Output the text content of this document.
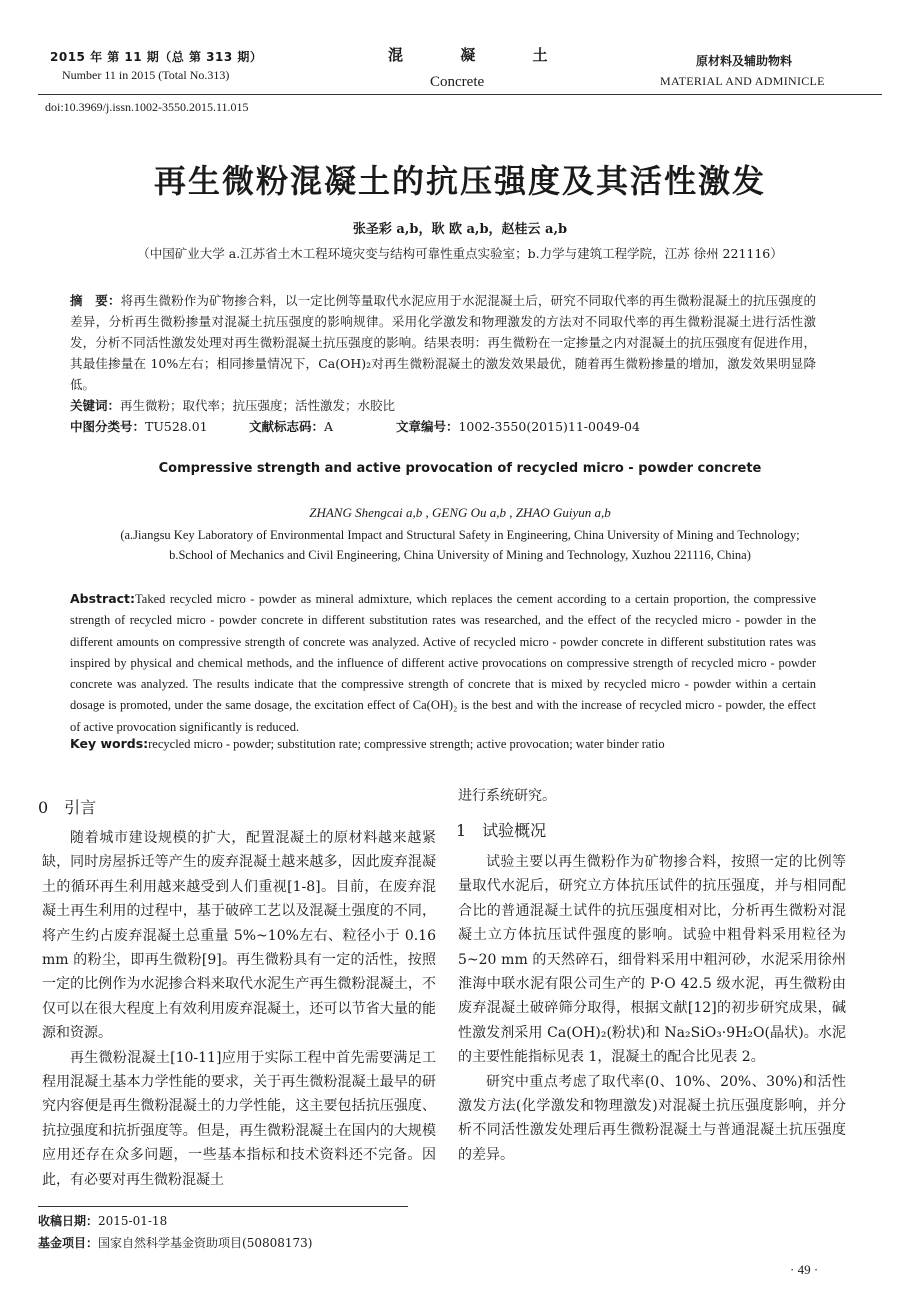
2015 年 第 11 期（总 第 313 期）
Number 11 in 2015 (Total No.313)
混 凝 土
Concrete
原材料及辅助物料
MATERIAL AND ADMINICLE
doi:10.3969/j.issn.1002-3550.2015.11.015
再生微粉混凝土的抗压强度及其活性激发
张圣彩 a,b，耿 欧 a,b，赵桂云 a,b
（中国矿业大学 a.江苏省土木工程环境灾变与结构可靠性重点实验室；b.力学与建筑工程学院，江苏 徐州 221116）
摘　要：将再生微粉作为矿物掺合料，以一定比例等量取代水泥应用于水泥混凝土后，研究不同取代率的再生微粉混凝土的抗压强度的差异，分析再生微粉掺量对混凝土抗压强度的影响规律。采用化学激发和物理激发的方法对不同取代率的再生微粉混凝土进行活性激发，分析不同活性激发处理对再生微粉混凝土抗压强度的影响。结果表明：再生微粉在一定掺量之内对混凝土的抗压强度有促进作用，其最佳掺量在 10%左右；相同掺量情况下，Ca(OH)₂对再生微粉混凝土的激发效果最优，随着再生微粉掺量的增加，激发效果明显降低。
关键词：再生微粉；取代率；抗压强度；活性激发；水胶比
中图分类号：TU528.01	文献标志码：A	文章编号：1002-3550(2015)11-0049-04
Compressive strength and active provocation of recycled micro - powder concrete
ZHANG Shengcai a,b , GENG Ou a,b , ZHAO Guiyun a,b
(a.Jiangsu Key Laboratory of Environmental Impact and Structural Safety in Engineering, China University of Mining and Technology;
b.School of Mechanics and Civil Engineering, China University of Mining and Technology, Xuzhou 221116, China)
Abstract:Taked recycled micro - powder as mineral admixture, which replaces the cement according to a certain proportion, the compressive strength of recycled micro - powder concrete in different substitution rates was researched, and the effect of the recycled micro - powder in the different amounts on compressive strength of concrete was analyzed. Active of recycled micro - powder concrete in different substitution rates was inspired by physical and chemical methods, and the influence of different active provocations on compressive strength of recycled micro - powder concrete was analyzed. The results indicate that the compressive strength of concrete that is mixed by recycled micro - powder within a certain dosage is promoted, under the same dosage, the excitation effect of Ca(OH)₂ is the best and with the increase of recycled micro - powder, the effect of active provocation significantly is reduced.
Key words:recycled micro - powder; substitution rate; compressive strength; active provocation; water binder ratio
0　引言

随着城市建设规模的扩大，配置混凝土的原材料越来越紧缺，同时房屋拆迁等产生的废弃混凝土越来越多，因此废弃混凝土的循环再生利用越来越受到人们重视[1-8]。目前，在废弃混凝土再生利用的过程中，基于破碎工艺以及混凝土强度的不同，将产生约占废弃混凝土总重量 5%~10%左右、粒径小于 0.16 mm 的粉尘，即再生微粉[9]。再生微粉具有一定的活性，按照一定的比例作为水泥掺合料来取代水泥生产再生微粉混凝土，不仅可以在很大程度上有效利用废弃混凝土，还可以节省大量的能源和资源。

再生微粉混凝土[10-11]应用于实际工程中首先需要满足工程用混凝土基本力学性能的要求，关于再生微粉混凝土最早的研究内容便是再生微粉混凝土的力学性能，这主要包括抗压强度、抗拉强度和抗折强度等。但是，再生微粉混凝土在国内的大规模应用还存在众多问题，一些基本指标和技术资料还不完备。因此，有必要对再生微粉混凝土

进行系统研究。
1　试验概况

试验主要以再生微粉作为矿物掺合料，按照一定的比例等量取代水泥后，研究立方体抗压试件的抗压强度，并与相同配合比的普通混凝土试件的抗压强度相对比，分析再生微粉对混凝土立方体抗压试件强度的影响。试验中粗骨料采用粒径为 5~20 mm 的天然碎石，细骨料采用中粗河砂，水泥采用徐州淮海中联水泥有限公司生产的 P·O 42.5 级水泥，再生微粉由废弃混凝土破碎筛分取得，根据文献[12]的初步研究成果，碱性激发剂采用 Ca(OH)₂(粉状)和 Na₂SiO₃·9H₂O(晶状)。水泥的主要性能指标见表 1，混凝土的配合比见表 2。

研究中重点考虑了取代率(0、10%、20%、30%)和活性激发方法(化学激发和物理激发)对混凝土抗压强度影响，并分析不同活性激发处理后再生微粉混凝土与普通混凝土抗压强度的差异。

收稿日期：2015-01-18
基金项目：国家自然科学基金资助项目(50808173)
· 49 ·
